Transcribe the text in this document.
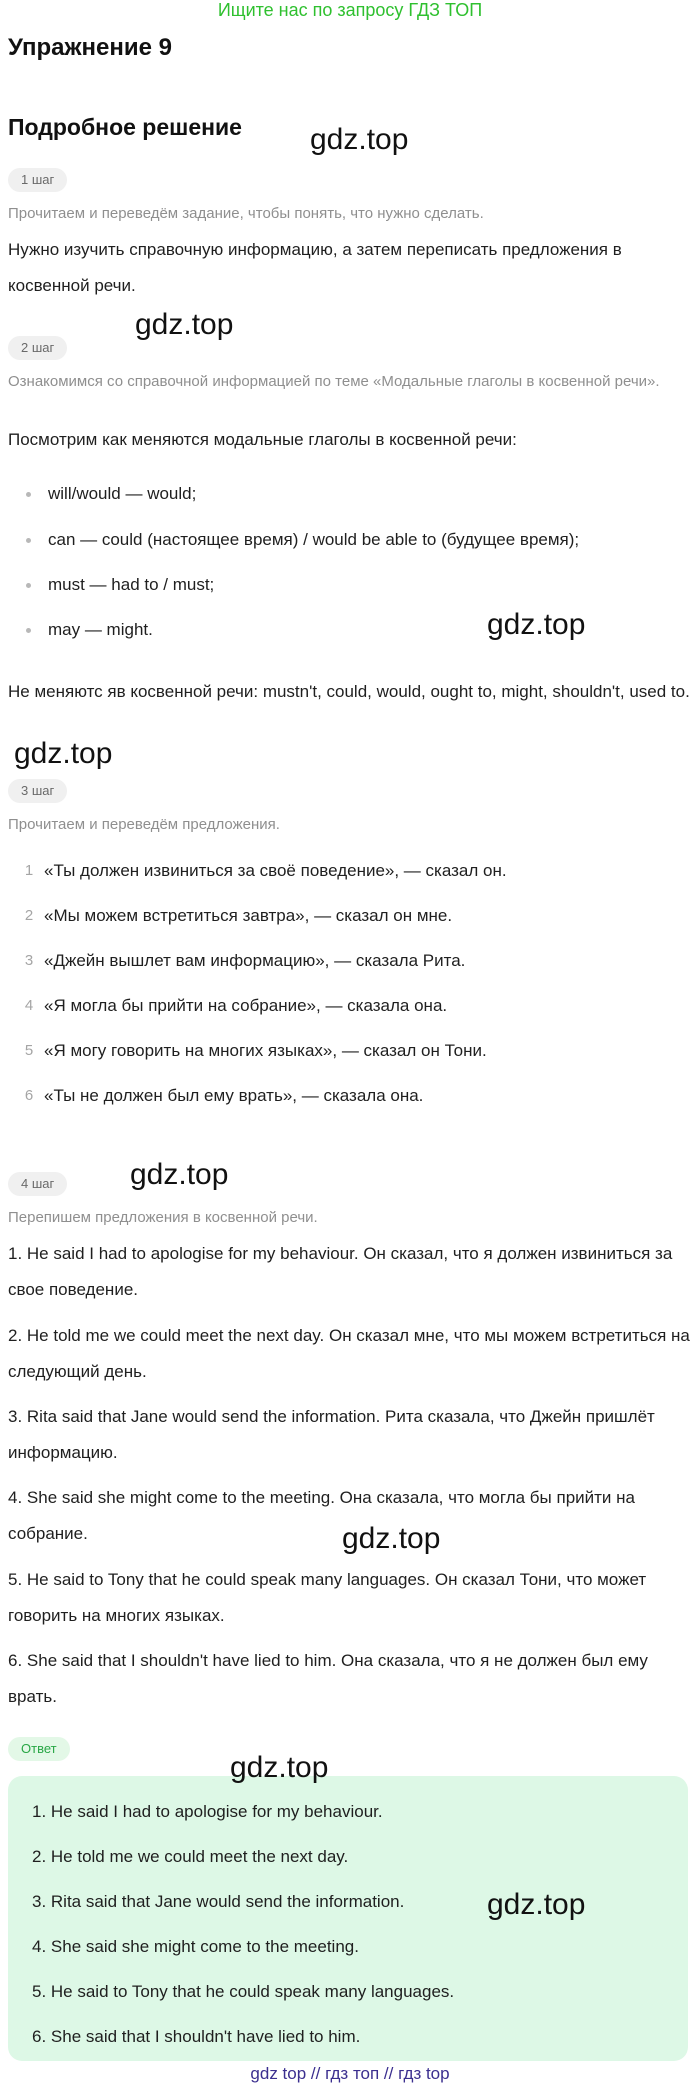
Ищите нас по запросу ГДЗ ТОП
Упражнение 9
Подробное решение
1 шаг
Прочитаем и переведём задание, чтобы понять, что нужно сделать.
Нужно изучить справочную информацию, а затем переписать предложения в косвенной речи.
2 шаг
Ознакомимся со справочной информацией по теме «Модальные глаголы в косвенной речи».
Посмотрим как меняются модальные глаголы в косвенной речи:
will/would — would;
can — could (настоящее время) / would be able to (будущее время);
must — had to / must;
may — might.
Не меняютс яв косвенной речи: mustn't, could, would, ought to, might, shouldn't, used to.
3 шаг
Прочитаем и переведём предложения.
1 «Ты должен извиниться за своё поведение», — сказал он.
2 «Мы можем встретиться завтра», — сказал он мне.
3 «Джейн вышлет вам информацию», — сказала Рита.
4 «Я могла бы прийти на собрание», — сказала она.
5 «Я могу говорить на многих языках», — сказал он Тони.
6 «Ты не должен был ему врать», — сказала она.
4 шаг
Перепишем предложения в косвенной речи.
1. He said I had to apologise for my behaviour. Он сказал, что я должен извиниться за свое поведение.
2. He told me we could meet the next day. Он сказал мне, что мы можем встретиться на следующий день.
3. Rita said that Jane would send the information. Рита сказала, что Джейн пришлёт информацию.
4. She said she might come to the meeting. Она сказала, что могла бы прийти на собрание.
5. He said to Tony that he could speak many languages. Он сказал Тони, что может говорить на многих языках.
6. She said that I shouldn't have lied to him. Она сказала, что я не должен был ему врать.
Ответ
1. He said I had to apologise for my behaviour.
2. He told me we could meet the next day.
3. Rita said that Jane would send the information.
4. She said she might come to the meeting.
5. He said to Tony that he could speak many languages.
6. She said that I shouldn't have lied to him.
gdz.top
gdz.top
gdz.top
gdz.top
gdz.top
gdz.top
gdz.top
gdz.top
gdz top // гдз топ // гдз top
